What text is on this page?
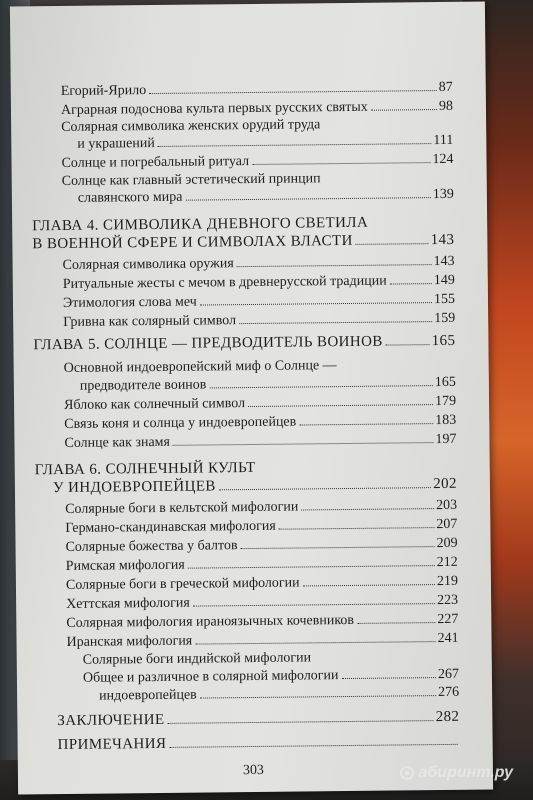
Егорий-Ярило	87
Аграрная подоснова культа первых русских святых	98
Солярная символика женских орудий труда
и украшений	111
Солнце и погребальный ритуал	124
Солнце как главный эстетический принцип
славянского мира	139
ГЛАВА 4. СИМВОЛИКА ДНЕВНОГО СВЕТИЛА
В ВОЕННОЙ СФЕРЕ И СИМВОЛАХ ВЛАСТИ	143
Солярная символика оружия	143
Ритуальные жесты с мечом в древнерусской традиции	149
Этимология слова меч	155
Гривна как солярный символ	159
ГЛАВА 5. СОЛНЦЕ — ПРЕДВОДИТЕЛЬ ВОИНОВ	165
Основной индоевропейский миф о Солнце —
предводителе воинов	165
Яблоко как солнечный символ	179
Связь коня и солнца у индоевропейцев	183
Солнце как знамя	197
ГЛАВА 6. СОЛНЕЧНЫЙ КУЛЬТ
У ИНДОЕВРОПЕЙЦЕВ	202
Солярные боги в кельтской мифологии	203
Германо-скандинавская мифология	207
Солярные божества у балтов	209
Римская мифология	212
Солярные боги в греческой мифологии	219
Хеттская мифология	223
Солярная мифология ираноязычных кочевников	227
Иранская мифология	241
Солярные боги индийской мифологии
Общее и различное в солярной мифологии	267
индоевропейцев	276
ЗАКЛЮЧЕНИЕ	282
ПРИМЕЧАНИЯ
303	абиринт.ру
